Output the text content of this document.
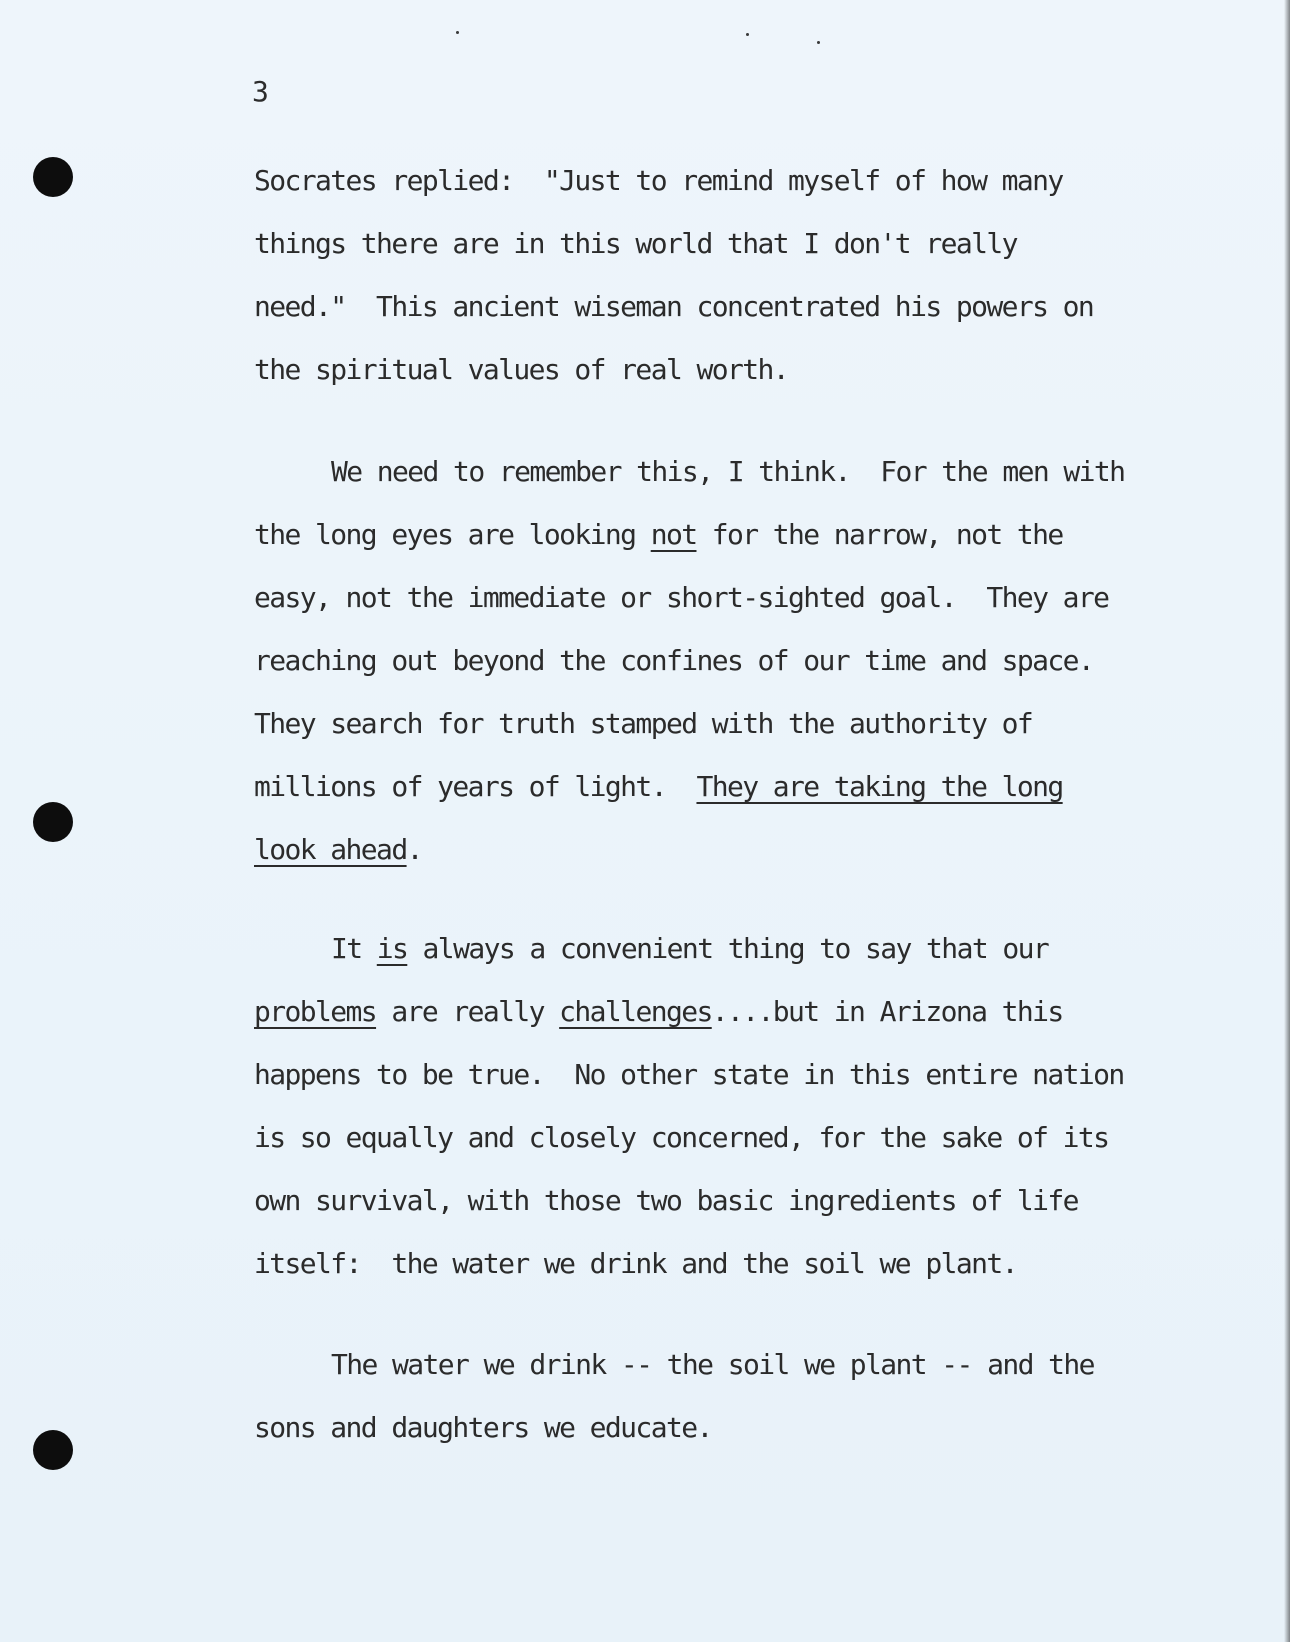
3
Socrates replied:  "Just to remind myself of how many
things there are in this world that I don't really
need."  This ancient wiseman concentrated his powers on
the spiritual values of real worth.
We need to remember this, I think.  For the men with
the long eyes are looking not for the narrow, not the
easy, not the immediate or short-sighted goal.  They are
reaching out beyond the confines of our time and space.
They search for truth stamped with the authority of
millions of years of light.  They are taking the long
look ahead.
It is always a convenient thing to say that our
problems are really challenges....but in Arizona this
happens to be true.  No other state in this entire nation
is so equally and closely concerned, for the sake of its
own survival, with those two basic ingredients of life
itself:  the water we drink and the soil we plant.
The water we drink -- the soil we plant -- and the
sons and daughters we educate.
